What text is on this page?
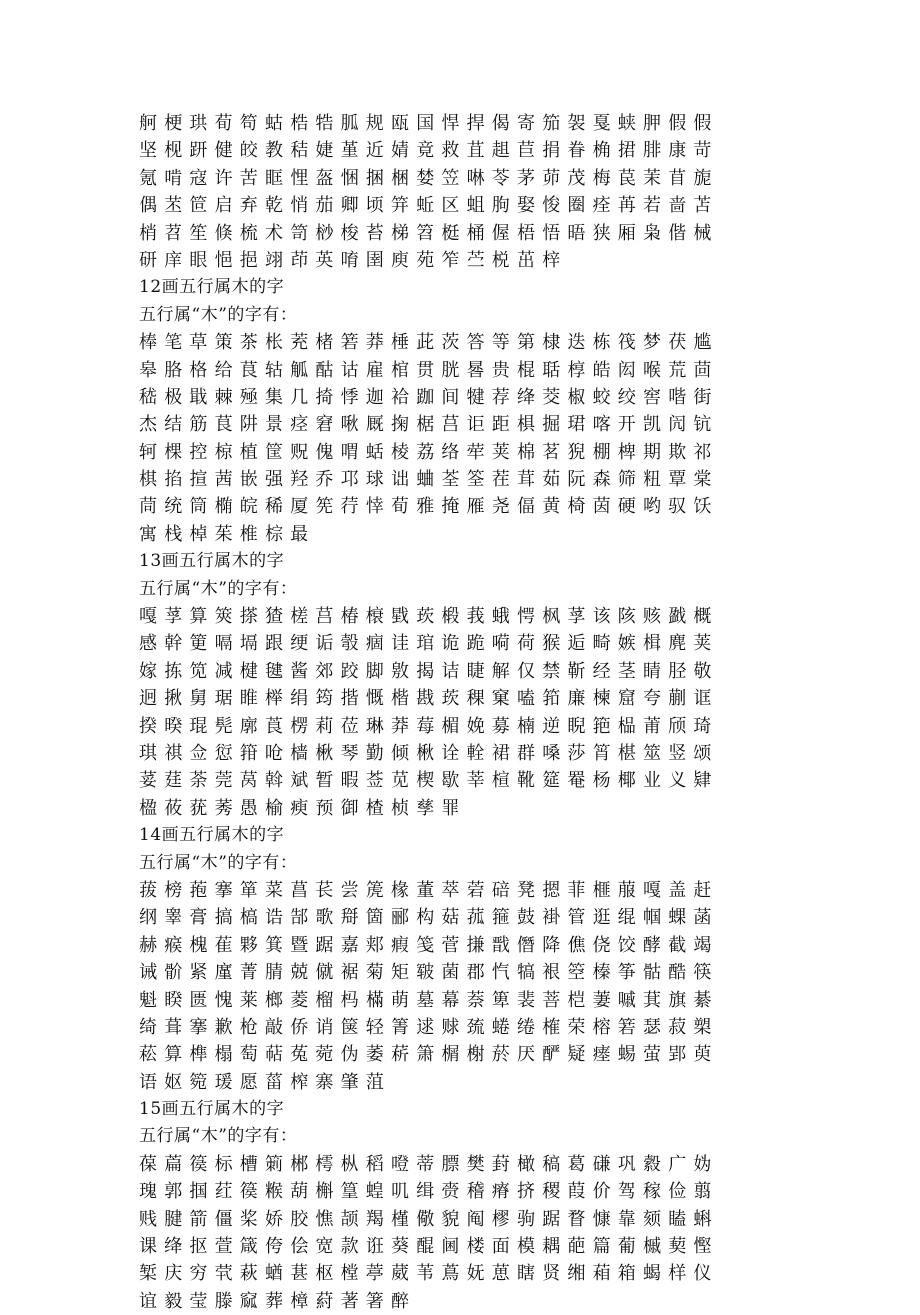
舸梗珙荀笱蛄梏牿胍规瓯国悍捍偈寄笳袈戛蛱胛假假
坚枧趼健皎教秸婕堇近婧竟救苴趄苣捐眷桷捃腓康苛
氪啃寇许苦眶悝盔悃捆梱婪笠啉苓茅茆茂梅苠茉苜旎
偶苤笸启弃乾悄茄卿顷笄蚯区蛆朐娶悛圈痊苒若啬苫
梢苕笙倏梳术笥桫梭苔梯笤梃桶偓梧悟晤狭厢枭偕械
研庠眼悒挹翊茚英唷圉庾苑笮苎棁茁梓
12画五行属木的字
五行属“木”的字有：
棒笔草策茶枨茺楮箬莽棰茈茨答等第棣迭栋筏梦茯尴
皋胳格给茛轱觚酤诂雇棺贯胱晷贵棍聒椁皓闳喉荒茴
嵇极戢棘殛集几掎悸迦袷跏间犍荐绛茭椒蛟绞窖喈街
杰结筋茛阱景痉窘啾厩掬椐莒讵距椇掘珺喀开凯闶钪
轲棵控椋植筐贶傀喟蛞棱荔络荦荚棉茗猊棚椑期欺祁
棋掐揎茜嵌强羟乔邛球诎蛐荃筌茬茸茹阮森筛粈覃棠
茼统筒椭皖稀厦筅荇悻荀雅掩雁尧偪黄椅茵硬哟驭饫
寓栈棹茱椎棕最
13画五行属木的字
五行属“木”的字有：
嘎莩算筴搽猹槎莒椿榱戥莰椴莪蛾愕枫莩该陔赅戤概
感幹筻嗝塥跟绠诟彀痼诖琯诡跪嗬荷猴逅畸嫉楫麂荚
嫁拣笕减楗毽酱郊跤脚敫揭诘睫解仅禁靳经茎睛胫敬
迥揪舅琚睢榉绢筠揩慨楷戡莰稞窠嗑筘廉楝窟夸蒯诓
揆暌琨髡廓莨楞莉莅琳莽莓楣娩募楠逆睨筢榀莆颀琦
琪祺佥愆箝呛樯楸琴勤倾楸诠輇裙群嗓莎筲椹筮竖颂
荽莛荼莞莴斡斌暂暇莶苋楔歇莘楦靴筵罨杨椰业义肄
楹莜莸莠愚榆瘐预御楂桢孳罪
14画五行属木的字
五行属“木”的字有：
菝榜菢搴箪菜菖苌尝箎椽董萃菪碚凳摁菲榧菔嘎盖赶
纲睾膏搞槁诰郜歌搿箇郦构菇菰箍鼓褂管逛绲帼蜾菡
赫瘊槐萑夥箕暨踞嘉郏瘕笺菅搛戬僭降僬侥饺酵截竭
诫骱紧廑菁腈兢僦裾菊矩皲菌郡忾犒裉箜榛筝骷酷筷
魁睽匮愧莱榔菱榴杩樠萌墓幕萘箄裴菩桤萋嘁萁旗綦
绮葺搴歉枪敲侨诮箧轻箐逑赇巯蜷绻榷荣榕箬瑟菽槊
菘算榫榻萄萜菟菀伪萎菥箫榍榭菸厌酽疑瘗蜴萤郢萸
语妪箢瑗愿菑榨寨肇菹
15画五行属木的字
五行属“木”的字有：
葆萹篌标槽箣郴樗枞稻噔蒂膘樊葑橄稿葛磏巩縠广妫
瑰郭掴荭篌糇葫槲篁蝗叽缉赍稽瘠挤稷葭价驾稼俭翦
贱腱箭僵桨娇胶憔颉羯槿儆貌阄樛驹踞瞀慷靠颏瞌蝌
课绛抠萱箴侉侩宽款诳葵醌阃楼面模耦葩篇葡槭葜慳
椠庆穷茕萩蝤葚枢樘葶葳苇蔦妩葸瞎贤缃葙箱蝎样仪
谊毅莹滕窳葬樟葤著箸醉
